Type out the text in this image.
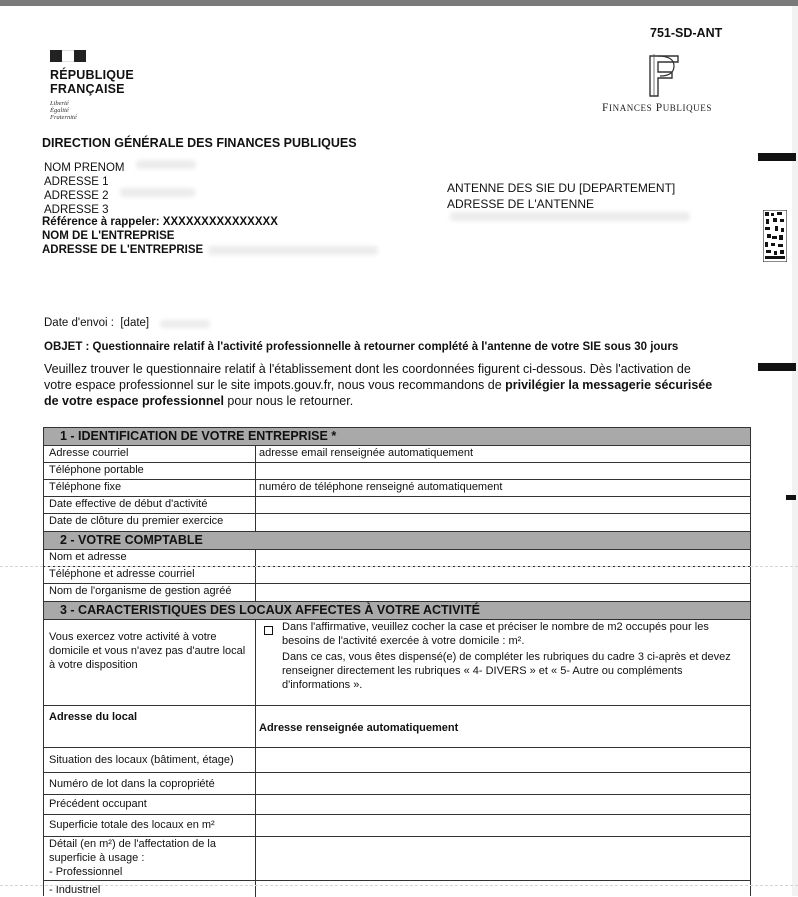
751-SD-ANT
RÉPUBLIQUE
FRANÇAISE
Liberté
Égalité
Fraternité
FINANCES PUBLIQUES
DIRECTION GÉNÉRALE DES FINANCES PUBLIQUES
NOM PRENOM
ADRESSE 1
ADRESSE 2
ADRESSE 3
Référence à rappeler: XXXXXXXXXXXXXXX
NOM DE L'ENTREPRISE
ADRESSE DE L'ENTREPRISE
ANTENNE DES SIE DU [DEPARTEMENT]
ADRESSE DE L'ANTENNE
Date d'envoi : [date]
OBJET : Questionnaire relatif à l'activité professionnelle à retourner complété à l'antenne de votre SIE sous 30 jours
Veuillez trouver le questionnaire relatif à l'établissement dont les coordonnées figurent ci-dessous. Dès l'activation de votre espace professionnel sur le site impots.gouv.fr, nous vous recommandons de privilégier la messagerie sécurisée de votre espace professionnel pour nous le retourner.
1 - IDENTIFICATION DE VOTRE ENTREPRISE *
Adresse courriel	adresse email renseignée automatiquement
Téléphone portable
Téléphone fixe	numéro de téléphone renseigné automatiquement
Date effective de début d'activité
Date de clôture du premier exercice
2 - VOTRE COMPTABLE
Nom et adresse
Téléphone et adresse courriel
Nom de l'organisme de gestion agréé
3 - CARACTERISTIQUES DES LOCAUX AFFECTES À VOTRE ACTIVITÉ
Vous exercez votre activité à votre domicile et vous n'avez pas d'autre local à votre disposition
Dans l'affirmative, veuillez cocher la case et préciser le nombre de m2 occupés pour les besoins de l'activité exercée à votre domicile : m².
Dans ce cas, vous êtes dispensé(e) de compléter les rubriques du cadre 3 ci-après et devez renseigner directement les rubriques « 4- DIVERS » et « 5- Autre ou compléments d'informations ».
Adresse du local
Adresse renseignée automatiquement
Situation des locaux (bâtiment, étage)
Numéro de lot dans la copropriété
Précédent occupant
Superficie totale des locaux en m²
Détail (en m²) de l'affectation de la
superficie à usage :
- Professionnel
- Industriel
